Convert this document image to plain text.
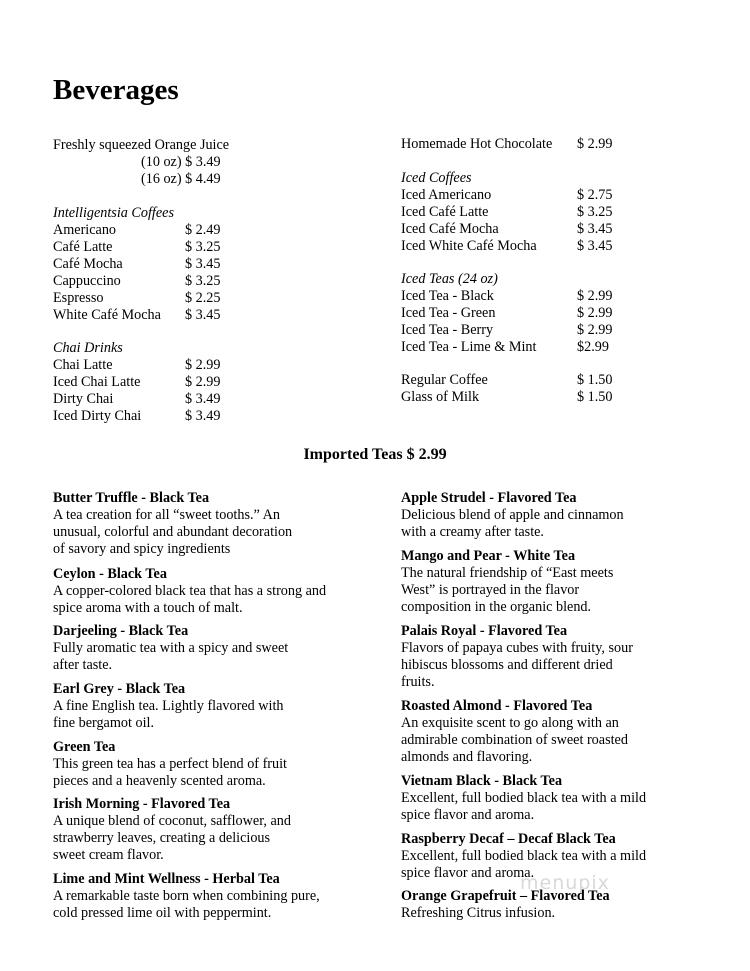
Beverages
Freshly squeezed Orange Juice
(10 oz) $ 3.49
(16 oz) $ 4.49
Intelligentsia Coffees
Americano	$ 2.49
Café Latte	$ 3.25
Café Mocha	$ 3.45
Cappuccino	$ 3.25
Espresso	$ 2.25
White Café Mocha	$ 3.45
Chai Drinks
Chai Latte	$ 2.99
Iced Chai Latte	$ 2.99
Dirty Chai	$ 3.49
Iced Dirty Chai	$ 3.49
Homemade Hot Chocolate	$ 2.99
Iced Coffees
Iced Americano	$ 2.75
Iced Café Latte	$ 3.25
Iced Café Mocha	$ 3.45
Iced White Café Mocha	$ 3.45
Iced Teas (24 oz)
Iced Tea - Black	$ 2.99
Iced Tea - Green	$ 2.99
Iced Tea - Berry	$ 2.99
Iced Tea - Lime & Mint	$2.99
Regular Coffee	$ 1.50
Glass of Milk	$ 1.50
Imported Teas $ 2.99
Butter Truffle - Black Tea
A tea creation for all “sweet tooths.” An
unusual, colorful and abundant decoration
of savory and spicy ingredients
Ceylon - Black Tea
A copper-colored black tea that has a strong and
spice aroma with a touch of malt.
Darjeeling - Black Tea
Fully aromatic tea with a spicy and sweet
after taste.
Earl Grey - Black Tea
A fine English tea. Lightly flavored with
fine bergamot oil.
Green Tea
This green tea has a perfect blend of fruit
pieces and a heavenly scented aroma.
Irish Morning - Flavored Tea
A unique blend of coconut, safflower, and
strawberry leaves, creating a delicious
sweet cream flavor.
Lime and Mint Wellness - Herbal Tea
A remarkable taste born when combining pure,
cold pressed lime oil with peppermint.
Apple Strudel - Flavored Tea
Delicious blend of apple and cinnamon
with a creamy after taste.
Mango and Pear - White Tea
The natural friendship of “East meets
West” is portrayed in the flavor
composition in the organic blend.
Palais Royal - Flavored Tea
Flavors of papaya cubes with fruity, sour
hibiscus blossoms and different dried
fruits.
Roasted Almond - Flavored Tea
An exquisite scent to go along with an
admirable combination of sweet roasted
almonds and flavoring.
Vietnam Black - Black Tea
Excellent, full bodied black tea with a mild
spice flavor and aroma.
Raspberry Decaf – Decaf Black Tea
Excellent, full bodied black tea with a mild
spice flavor and aroma.
Orange Grapefruit – Flavored Tea
Refreshing Citrus infusion.
menupix
